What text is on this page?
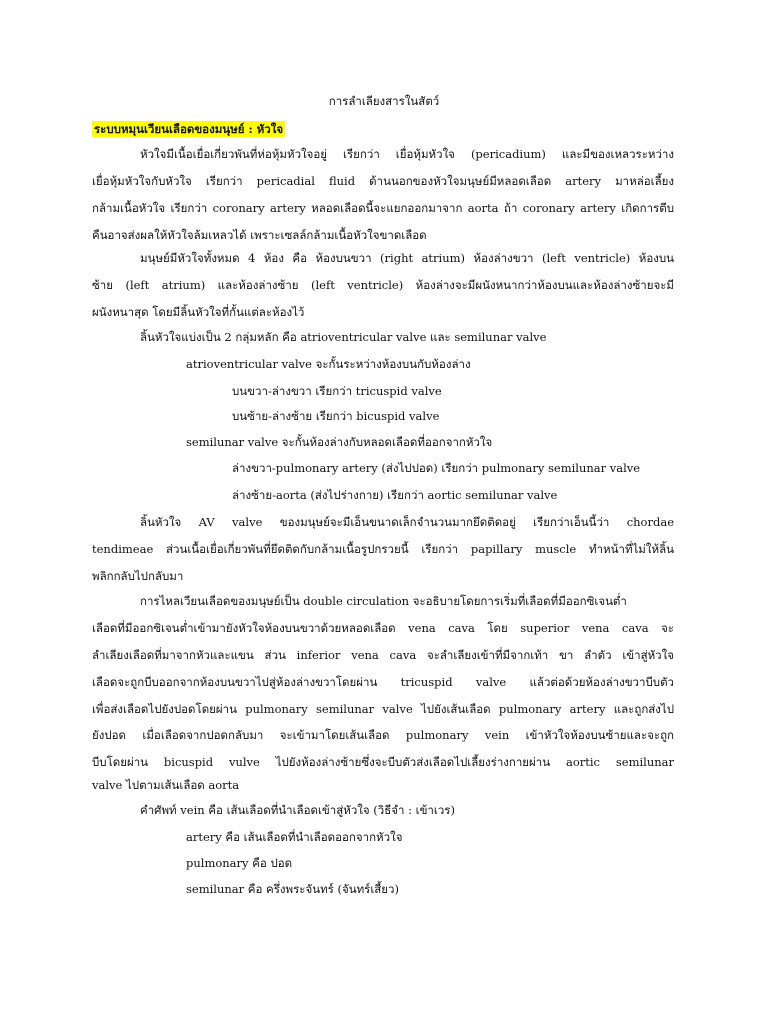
การลำเลียงสารในสัตว์
ระบบหมุนเวียนเลือดของมนุษย์ : หัวใจ
หัวใจมีเนื้อเยื่อเกี่ยวพันที่ห่อหุ้มหัวใจอยู่ เรียกว่า เยื่อหุ้มหัวใจ (pericadium) และมีของเหลวระหว่าง
เยื่อหุ้มหัวใจกับหัวใจ เรียกว่า pericadial fluid ด้านนอกของหัวใจมนุษย์มีหลอดเลือด artery มาหล่อเลี้ยง
กล้ามเนื้อหัวใจ เรียกว่า coronary artery หลอดเลือดนี้จะแยกออกมาจาก aorta ถ้า coronary artery เกิดการตีบ
คืนอาจส่งผลให้หัวใจล้มเหลวได้ เพราะเซลล์กล้ามเนื้อหัวใจขาดเลือด
มนุษย์มีหัวใจทั้งหมด 4 ห้อง คือ ห้องบนขวา (right atrium) ห้องล่างขวา (left ventricle) ห้องบน
ซ้าย (left atrium) และห้องล่างซ้าย (left ventricle) ห้องล่างจะมีผนังหนากว่าห้องบนและห้องล่างซ้ายจะมี
ผนังหนาสุด โดยมีลิ้นหัวใจที่กั้นแต่ละห้องไว้
ลิ้นหัวใจแบ่งเป็น 2 กลุ่มหลัก คือ atrioventricular valve และ semilunar valve
atrioventricular valve จะกั้นระหว่างห้องบนกับห้องล่าง
บนขวา-ล่างขวา เรียกว่า tricuspid valve
บนซ้าย-ล่างซ้าย เรียกว่า bicuspid valve
semilunar valve จะกั้นห้องล่างกับหลอดเลือดที่ออกจากหัวใจ
ล่างขวา-pulmonary artery (ส่งไปปอด) เรียกว่า pulmonary semilunar valve
ล่างซ้าย-aorta (ส่งไปร่างกาย) เรียกว่า aortic semilunar valve
ลิ้นหัวใจ AV valve ของมนุษย์จะมีเอ็นขนาดเล็กจำนวนมากยึดติดอยู่ เรียกว่าเอ็นนี้ว่า chordae
tendimeae ส่วนเนื้อเยื่อเกี่ยวพันที่ยึดติดกับกล้ามเนื้อรูปกรวยนี้ เรียกว่า papillary muscle ทำหน้าที่ไม่ให้ลิ้น
พลิกกลับไปกลับมา
การไหลเวียนเลือดของมนุษย์เป็น double circulation จะอธิบายโดยการเริ่มที่เลือดที่มีออกซิเจนต่ำ
เลือดที่มีออกซิเจนต่ำเข้ามายังหัวใจห้องบนขวาด้วยหลอดเลือด vena cava โดย superior vena cava จะ
ลำเลียงเลือดที่มาจากหัวและแขน ส่วน inferior vena cava จะลำเลียงเข้าที่มีจากเท้า ขา ลำตัว เข้าสู่หัวใจ
เลือดจะถูกบีบออกจากห้องบนขวาไปสู่ห้องล่างขวาโดยผ่าน tricuspid valve แล้วต่อด้วยห้องล่างขวาบีบตัว
เพื่อส่งเลือดไปยังปอดโดยผ่าน pulmonary semilunar valve ไปยังเส้นเลือด pulmonary artery และถูกส่งไป
ยังปอด เมื่อเลือดจากปอดกลับมา จะเข้ามาโดยเส้นเลือด pulmonary vein เข้าหัวใจห้องบนซ้ายและจะถูก
บีบโดยผ่าน bicuspid vulve ไปยังห้องล่างซ้ายซึ่งจะบีบตัวส่งเลือดไปเลี้ยงร่างกายผ่าน aortic semilunar
valve ไปตามเส้นเลือด aorta
คำศัพท์ vein คือ เส้นเลือดที่นำเลือดเข้าสู่หัวใจ (วิธีจำ : เข้าเวร)
artery คือ เส้นเลือดที่นำเลือดออกจากหัวใจ
pulmonary คือ ปอด
semilunar คือ ครึ่งพระจันทร์ (จันทร์เสี้ยว)
